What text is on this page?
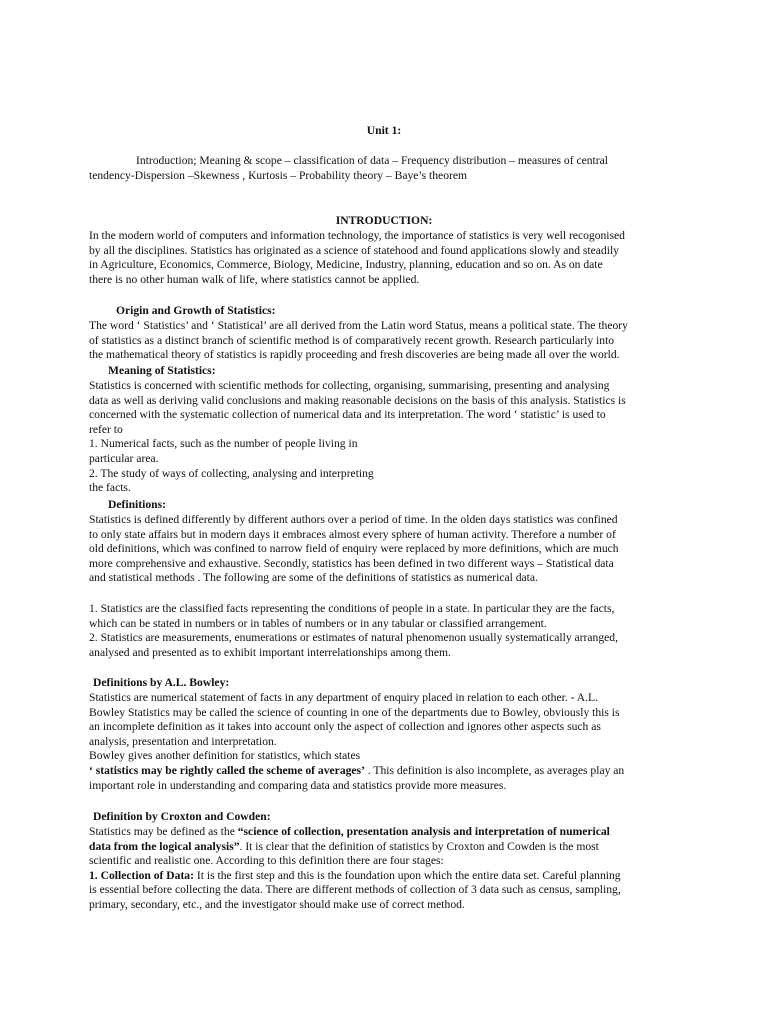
Unit 1:
Introduction; Meaning & scope – classification of data – Frequency distribution – measures of central
tendency-Dispersion –Skewness , Kurtosis – Probability theory – Baye’s theorem
INTRODUCTION:
In the modern world of computers and information technology, the importance of statistics is very well recogonised
by all the disciplines. Statistics has originated as a science of statehood and found applications slowly and steadily
in Agriculture, Economics, Commerce, Biology, Medicine, Industry, planning, education and so on. As on date
there is no other human walk of life, where statistics cannot be applied.
Origin and Growth of Statistics:
The word ‘ Statistics’ and ‘ Statistical’ are all derived from the Latin word Status, means a political state. The theory
of statistics as a distinct branch of scientific method is of comparatively recent growth. Research particularly into
the mathematical theory of statistics is rapidly proceeding and fresh discoveries are being made all over the world.
Meaning of Statistics:
Statistics is concerned with scientific methods for collecting, organising, summarising, presenting and analysing
data as well as deriving valid conclusions and making reasonable decisions on the basis of this analysis. Statistics is
concerned with the systematic collection of numerical data and its interpretation. The word ‘ statistic’ is used to
refer to
1. Numerical facts, such as the number of people living in
particular area.
2. The study of ways of collecting, analysing and interpreting
the facts.
Definitions:
Statistics is defined differently by different authors over a period of time. In the olden days statistics was confined
to only state affairs but in modern days it embraces almost every sphere of human activity. Therefore a number of
old definitions, which was confined to narrow field of enquiry were replaced by more definitions, which are much
more comprehensive and exhaustive. Secondly, statistics has been defined in two different ways – Statistical data
and statistical methods . The following are some of the definitions of statistics as numerical data.
1. Statistics are the classified facts representing the conditions of people in a state. In particular they are the facts,
which can be stated in numbers or in tables of numbers or in any tabular or classified arrangement.
2. Statistics are measurements, enumerations or estimates of natural phenomenon usually systematically arranged,
analysed and presented as to exhibit important interrelationships among them.
Definitions by A.L. Bowley:
Statistics are numerical statement of facts in any department of enquiry placed in relation to each other. - A.L.
Bowley Statistics may be called the science of counting in one of the departments due to Bowley, obviously this is
an incomplete definition as it takes into account only the aspect of collection and ignores other aspects such as
analysis, presentation and interpretation.
Bowley gives another definition for statistics, which states
‘ statistics may be rightly called the scheme of averages’ . This definition is also incomplete, as averages play an
important role in understanding and comparing data and statistics provide more measures.
Definition by Croxton and Cowden:
Statistics may be defined as the “science of collection, presentation analysis and interpretation of numerical
data from the logical analysis”. It is clear that the definition of statistics by Croxton and Cowden is the most
scientific and realistic one. According to this definition there are four stages:
1. Collection of Data: It is the first step and this is the foundation upon which the entire data set. Careful planning
is essential before collecting the data. There are different methods of collection of 3 data such as census, sampling,
primary, secondary, etc., and the investigator should make use of correct method.
